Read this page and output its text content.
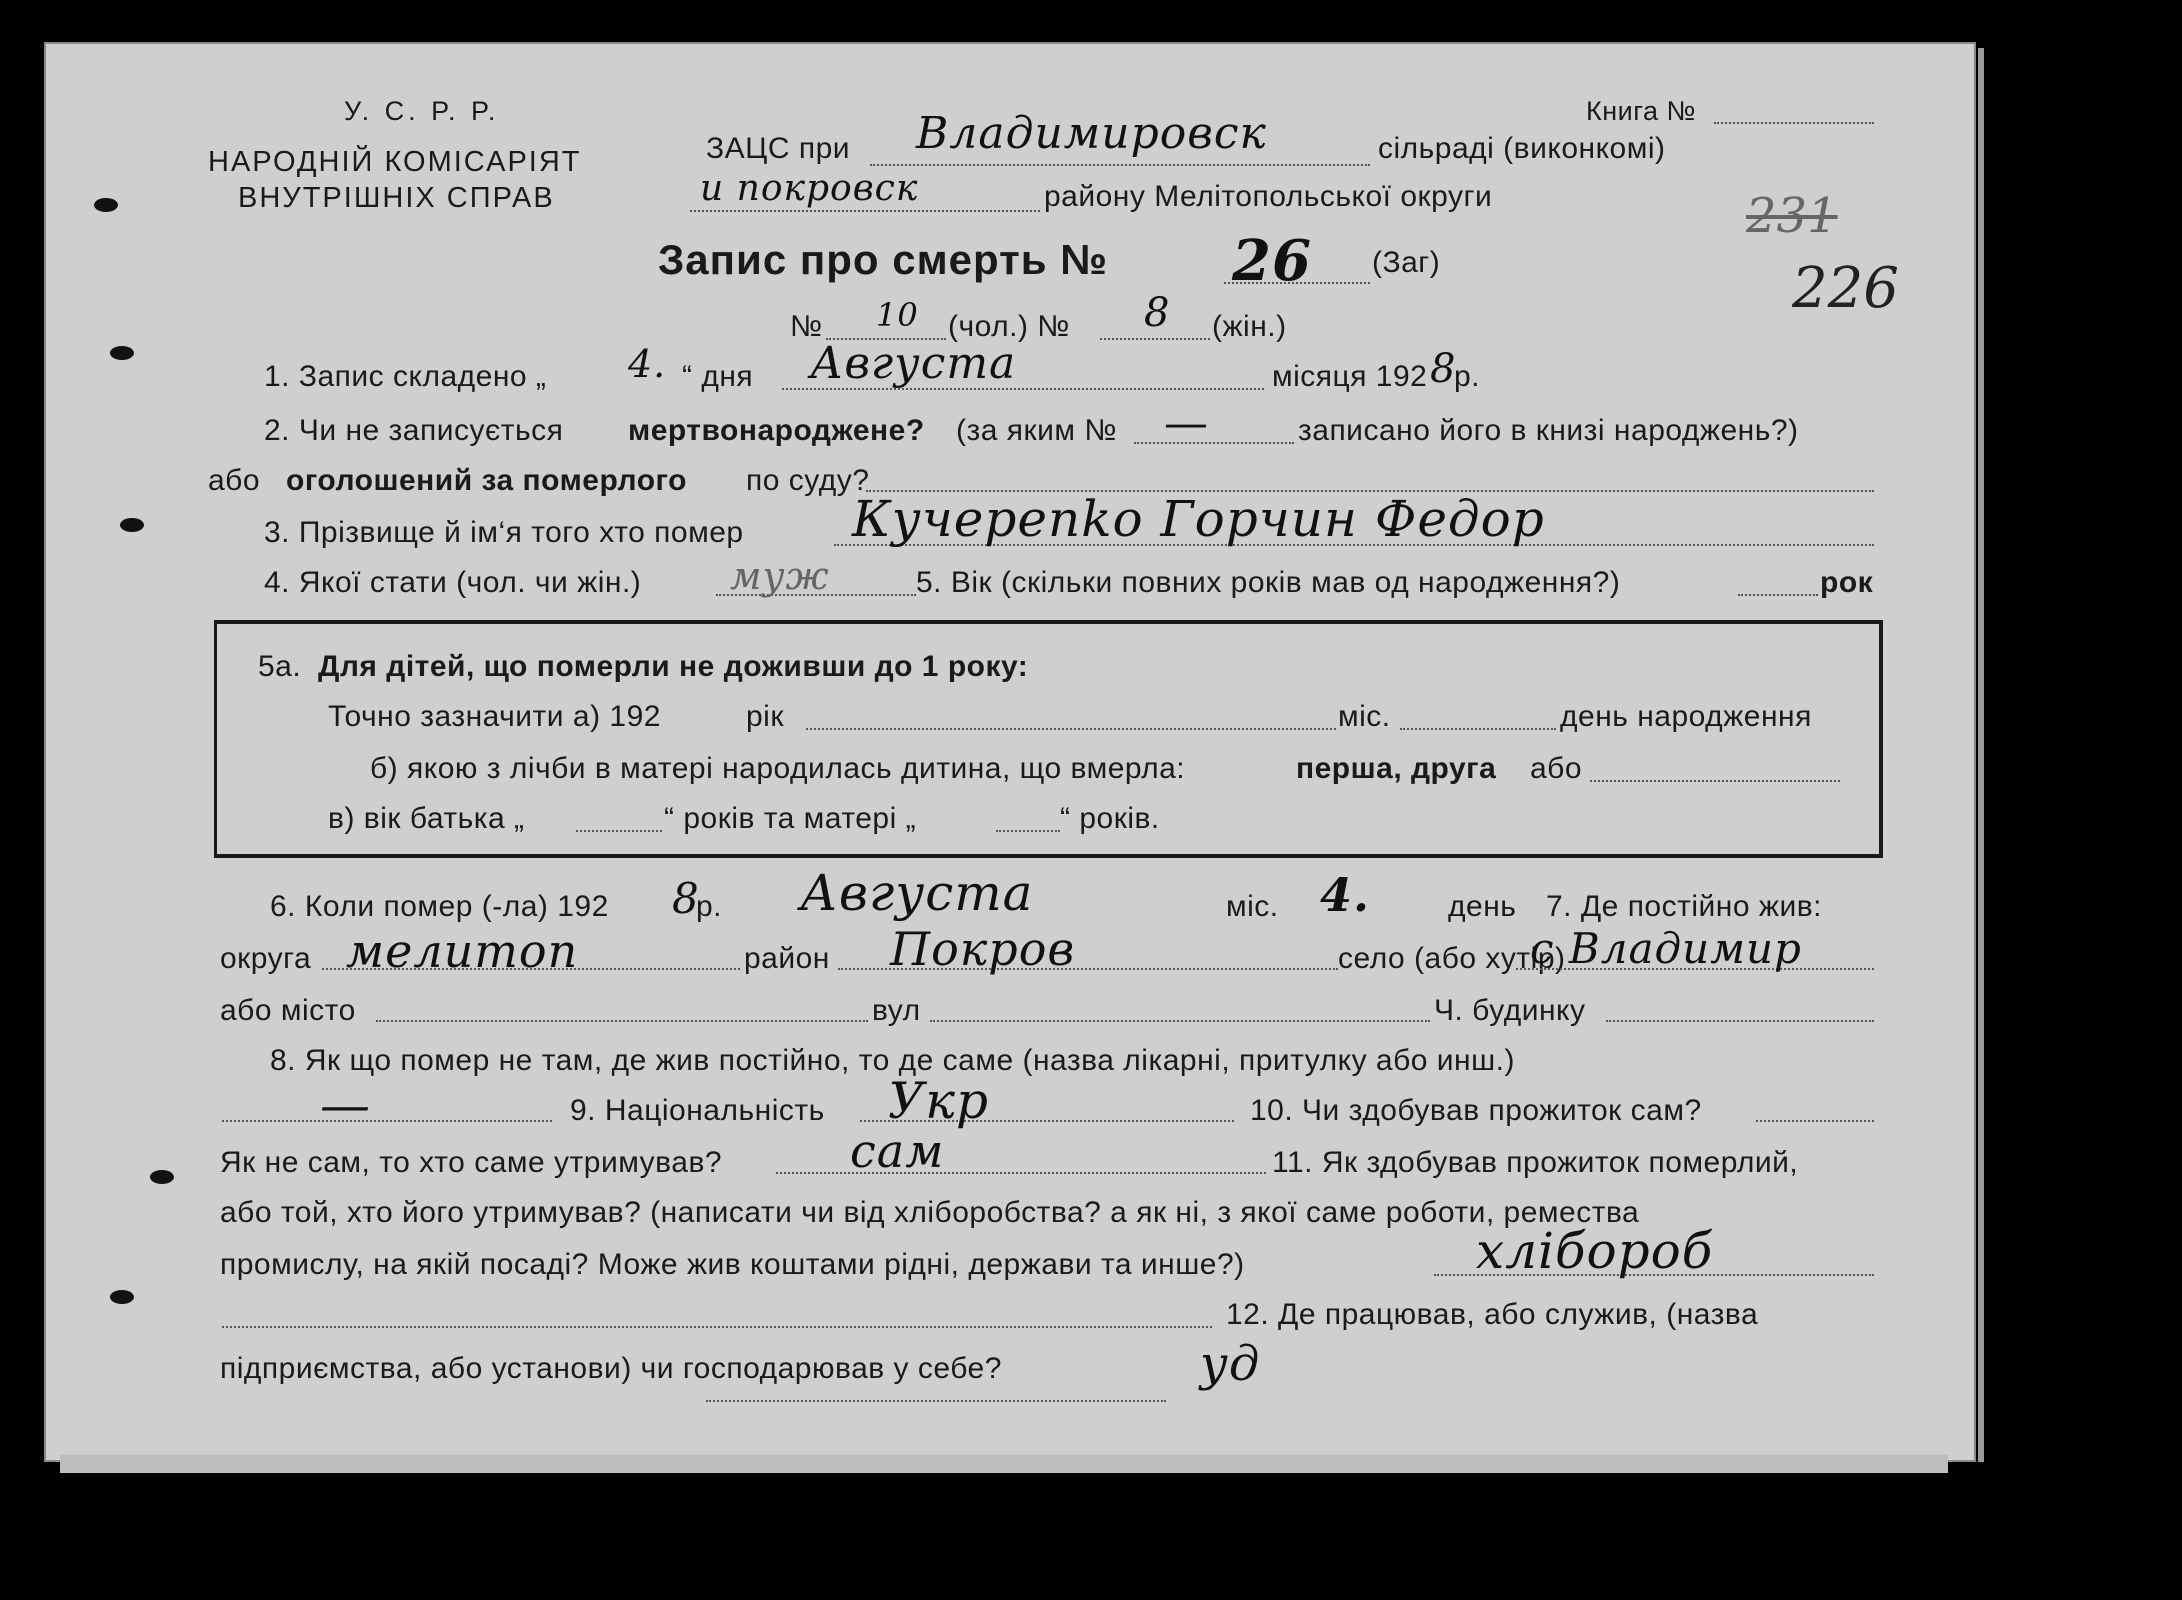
У. С. Р. Р.
НАРОДНІЙ КОМІСАРІЯТ
ВНУТРІШНІХ СПРАВ
Книга №
ЗАЦС при Владимировск	сільраді (виконкомі)
и покровск	району Мелітопольської округи	231
226
Запис про смерть № 26 (Заг)
№ 10 (чол.) № 8 (жін.)
1. Запис складено „ 4. “ дня Августа	місяця 192 8
р.
2. Чи не записується мертвонароджене? (за яким № —	записано його в книзі народжень?)
або оголошений за померлого по суду?
3. Прізвище й ім‘я того хто помер Кучерenko Горчин Федор
4. Якої стати (чол. чи жін.) муж	5. Вік (скільки повних років мав од народження?)	рок
5а. Для дітей, що померли не доживши до 1 року:
Точно зазначити а) 192	рік	міс.	день народження
б) якою з лічби в матері народилась дитина, що вмерла:	перша, друга або
в) вік батька „	“ років та матері „	“ років.
6. Коли помер (-ла) 192 8
р. Августа	міс. 4.	день 7. Де постійно жив:
округа мелитоп	район Покров	село (або хутір)
с Владимир
або місто	вул	Ч. будинку
8. Як що помер не там, де жив постійно, то де саме (назва лікарні, притулку або инш.)
—	9. Національність Укр	10. Чи здобував прожиток сам?
Як не сам, то хто саме утримував?	сам	11. Як здобував прожиток померлий,
або той, хто його утримував? (написати чи від хліборобства? а як ні, з якої саме роботи, ремества
промислу, на якій посаді? Може жив коштами рідні, держави та инше?)	хлібороб
12. Де працював, або служив, (назва
підприємства, або установи) чи господарював у себе?	уд
